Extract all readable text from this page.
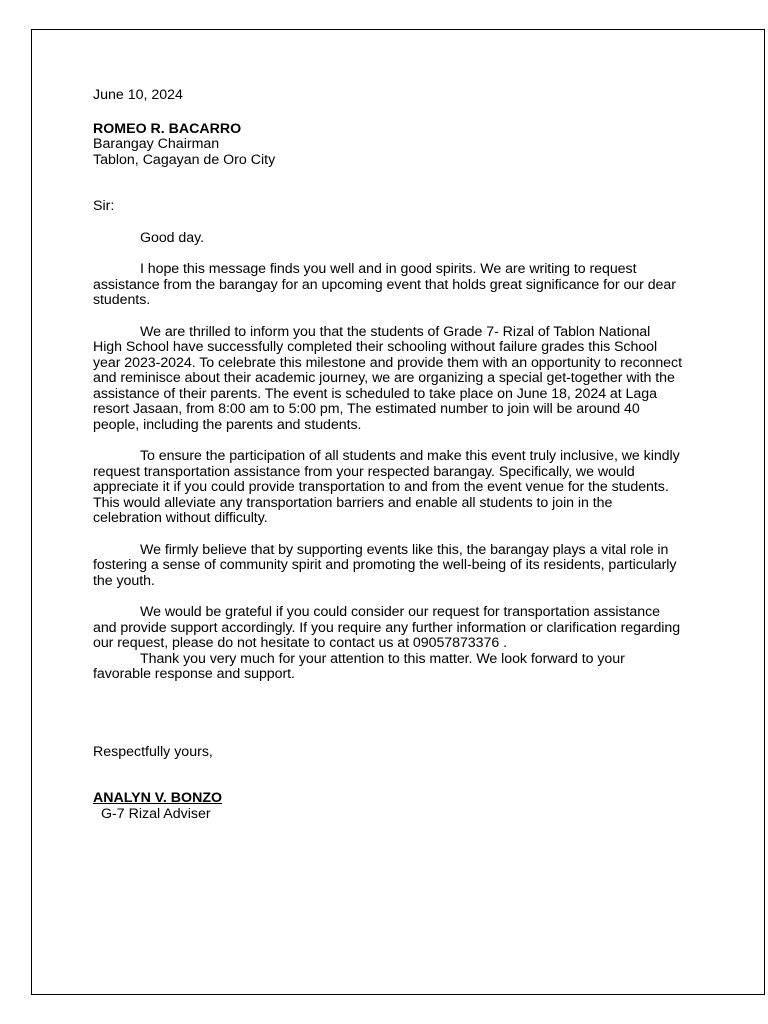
June 10, 2024

ROMEO R. BACARRO

Barangay Chairman

Tablon, Cagayan de Oro City

Sir:

Good day.

I hope this message finds you well and in good spirits. We are writing to request assistance from the barangay for an upcoming event that holds great significance for our dear students.

We are thrilled to inform you that the students of Grade 7- Rizal of Tablon National High School have successfully completed their schooling without failure grades this School year 2023-2024. To celebrate this milestone and provide them with an opportunity to reconnect and reminisce about their academic journey, we are organizing a special get-together with the assistance of their parents. The event is scheduled to take place on June 18, 2024 at Laga resort Jasaan, from 8:00 am to 5:00 pm, The estimated number to join will be around 40 people, including the parents and students.

To ensure the participation of all students and make this event truly inclusive, we kindly request transportation assistance from your respected barangay. Specifically, we would appreciate it if you could provide transportation to and from the event venue for the students. This would alleviate any transportation barriers and enable all students to join in the celebration without difficulty.

We firmly believe that by supporting events like this, the barangay plays a vital role in fostering a sense of community spirit and promoting the well-being of its residents, particularly the youth.

We would be grateful if you could consider our request for transportation assistance and provide support accordingly. If you require any further information or clarification regarding our request, please do not hesitate to contact us at 09057873376 .

Thank you very much for your attention to this matter. We look forward to your favorable response and support.

Respectfully yours,

ANALYN V. BONZO

G-7 Rizal Adviser
